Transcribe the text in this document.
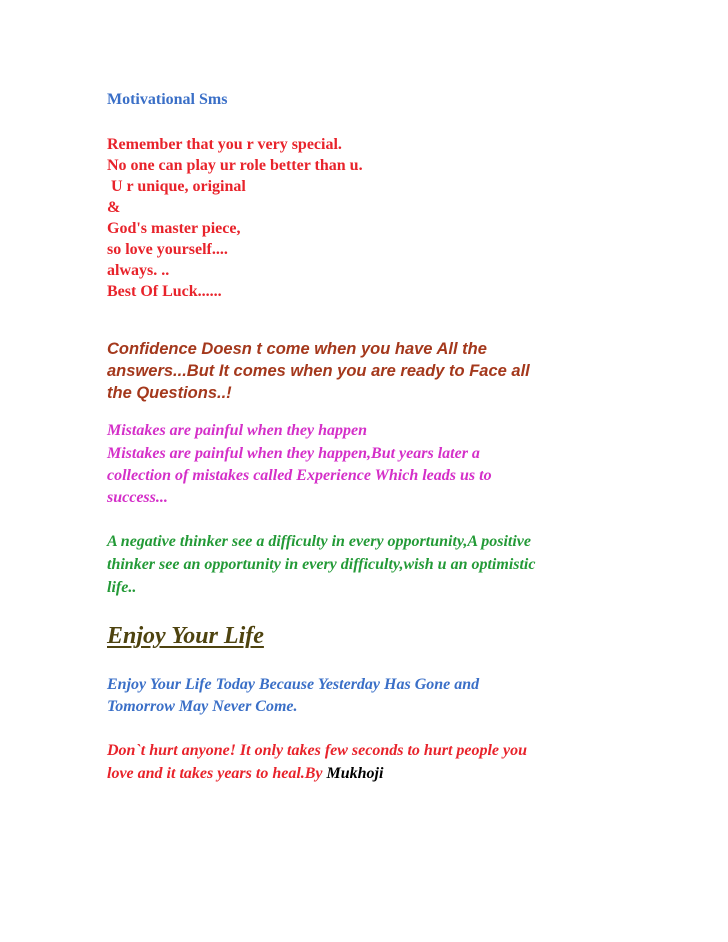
Motivational Sms

Remember that you r very special.

No one can play ur role better than u.

U r unique, original

&

God's master piece,

so love yourself....

always. ..

Best Of Luck......

Confidence Doesn t come when you have All the

answers...But It comes when you are ready to Face all

the Questions..!

Mistakes are painful when they happen

Mistakes are painful when they happen,But years later a

collection of mistakes called Experience Which leads us to

success...

A negative thinker see a difficulty in every opportunity,A positive

thinker see an opportunity in every difficulty,wish u an optimistic

life..

Enjoy Your Life

Enjoy Your Life Today Because Yesterday Has Gone and

Tomorrow May Never Come.

Don`t hurt anyone! It only takes few seconds to hurt people you

love and it takes years to heal.By Mukhoji
